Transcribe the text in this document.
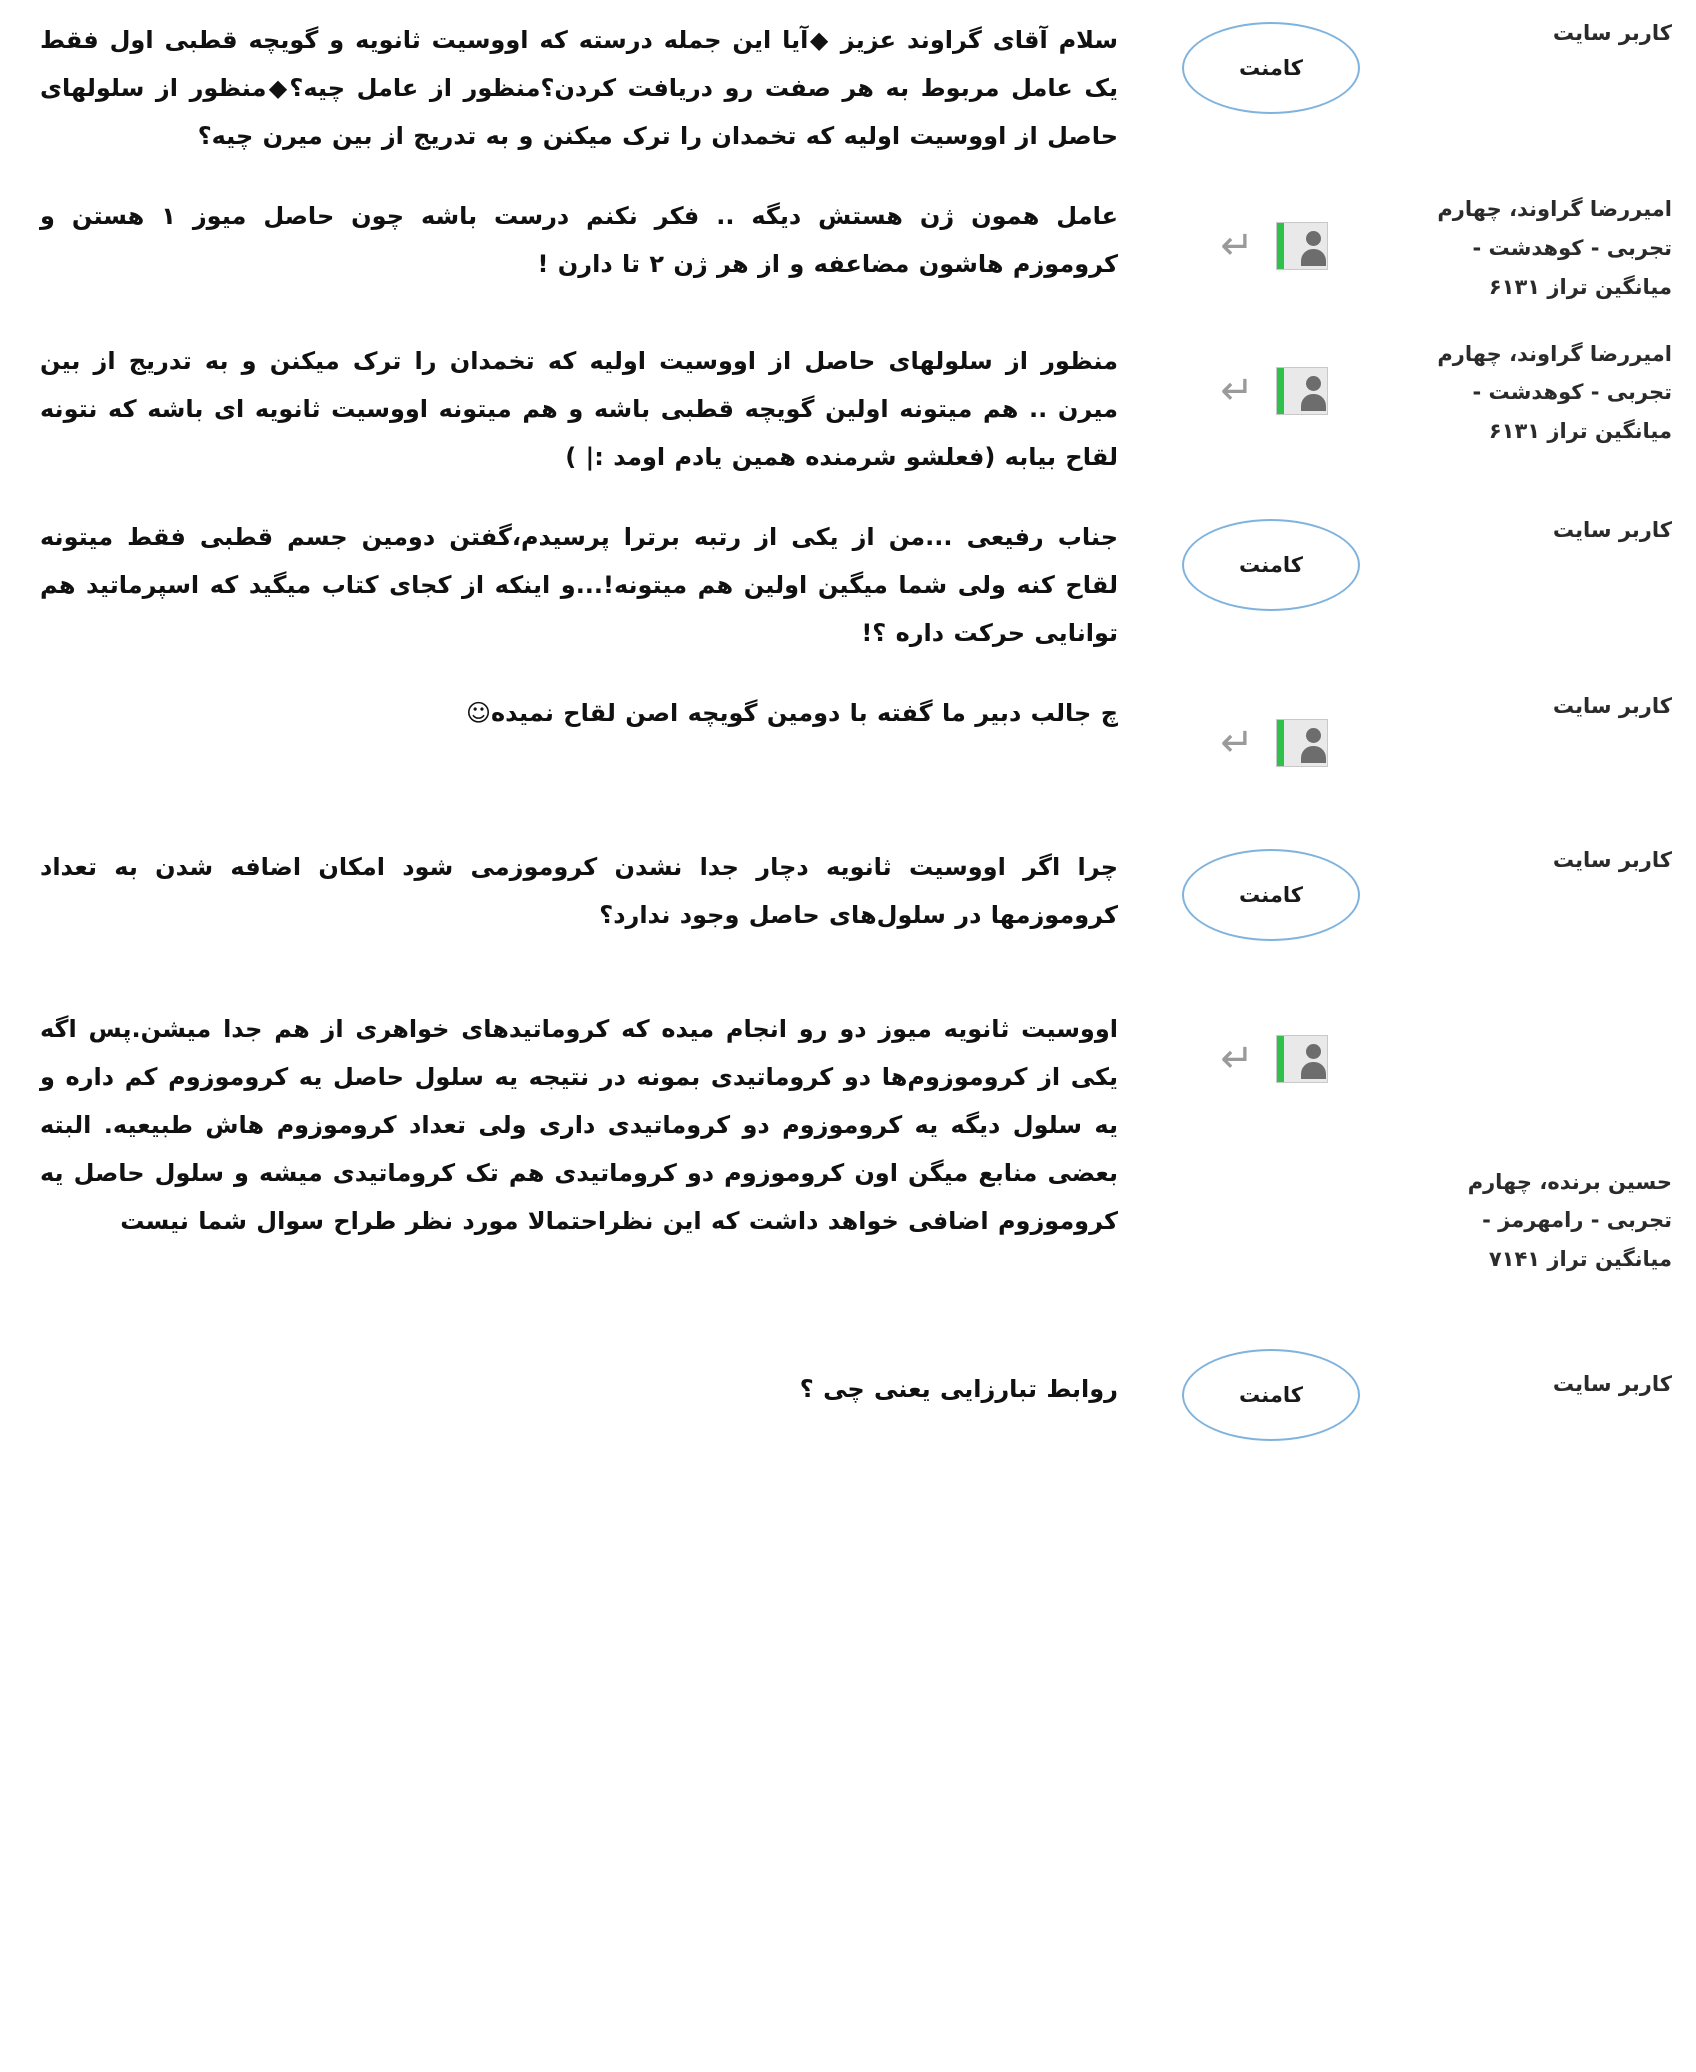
کاربر سایت
کامنت
سلام آقای گراوند عزیز ◆آیا این جمله درسته که اووسیت ثانویه و گویچه قطبی اول فقط یک عامل مربوط به هر صفت رو دریافت کردن؟منظور از عامل چیه؟◆منظور از سلولهای حاصل از اووسیت اولیه که تخمدان را ترک میکنن و به تدریج از بین میرن چیه؟
امیررضا گراوند، چهارم
تجربی - کوهدشت -
میانگین تراز ۶۱۳۱
↵
عامل همون ژن هستش دیگه .. فکر نکنم درست باشه چون حاصل میوز ۱ هستن و کروموزم هاشون مضاعفه و از هر ژن ۲ تا دارن !
امیررضا گراوند، چهارم
تجربی - کوهدشت -
میانگین تراز ۶۱۳۱
↵
منظور از سلولهای حاصل از اووسیت اولیه که تخمدان را ترک میکنن و به تدریج از بین میرن .. هم میتونه اولین گویچه قطبی باشه و هم میتونه اووسیت ثانویه ای باشه که نتونه لقاح بیابه (فعلشو شرمنده همین یادم اومد :| )
کاربر سایت
کامنت
جناب رفیعی ...من از یکی از رتبه برترا پرسیدم،گفتن دومین جسم قطبی فقط میتونه لقاح کنه ولی شما میگین اولین هم میتونه!...و اینکه از کجای کتاب میگید که اسپرماتید هم توانایی حرکت داره ؟!
کاربر سایت
↵
چ جالب دبیر ما گفته با دومین گویچه اصن لقاح نمیده☺
کاربر سایت
کامنت
چرا اگر اووسیت ثانویه دچار جدا نشدن کروموزمی شود امکان اضافه شدن به تعداد کروموزمها در سلول‌های حاصل وجود ندارد؟
حسین برنده، چهارم
تجربی - رامهرمز -
میانگین تراز ۷۱۴۱
↵
اووسیت ثانویه میوز دو رو انجام میده که کروماتیدهای خواهری از هم جدا میشن.پس اگه یکی از کروموزوم‌ها دو کروماتیدی بمونه در نتیجه یه سلول حاصل یه کروموزوم کم داره و یه سلول دیگه یه کروموزوم دو کروماتیدی داری ولی تعداد کروموزوم هاش طبیعیه. البته بعضی منابع میگن اون کروموزوم دو کروماتیدی هم تک کروماتیدی میشه و سلول حاصل یه کروموزوم اضافی خواهد داشت که این نظراحتمالا مورد نظر طراح سوال شما نیست
کاربر سایت
کامنت
روابط تبارزایی یعنی چی ؟
